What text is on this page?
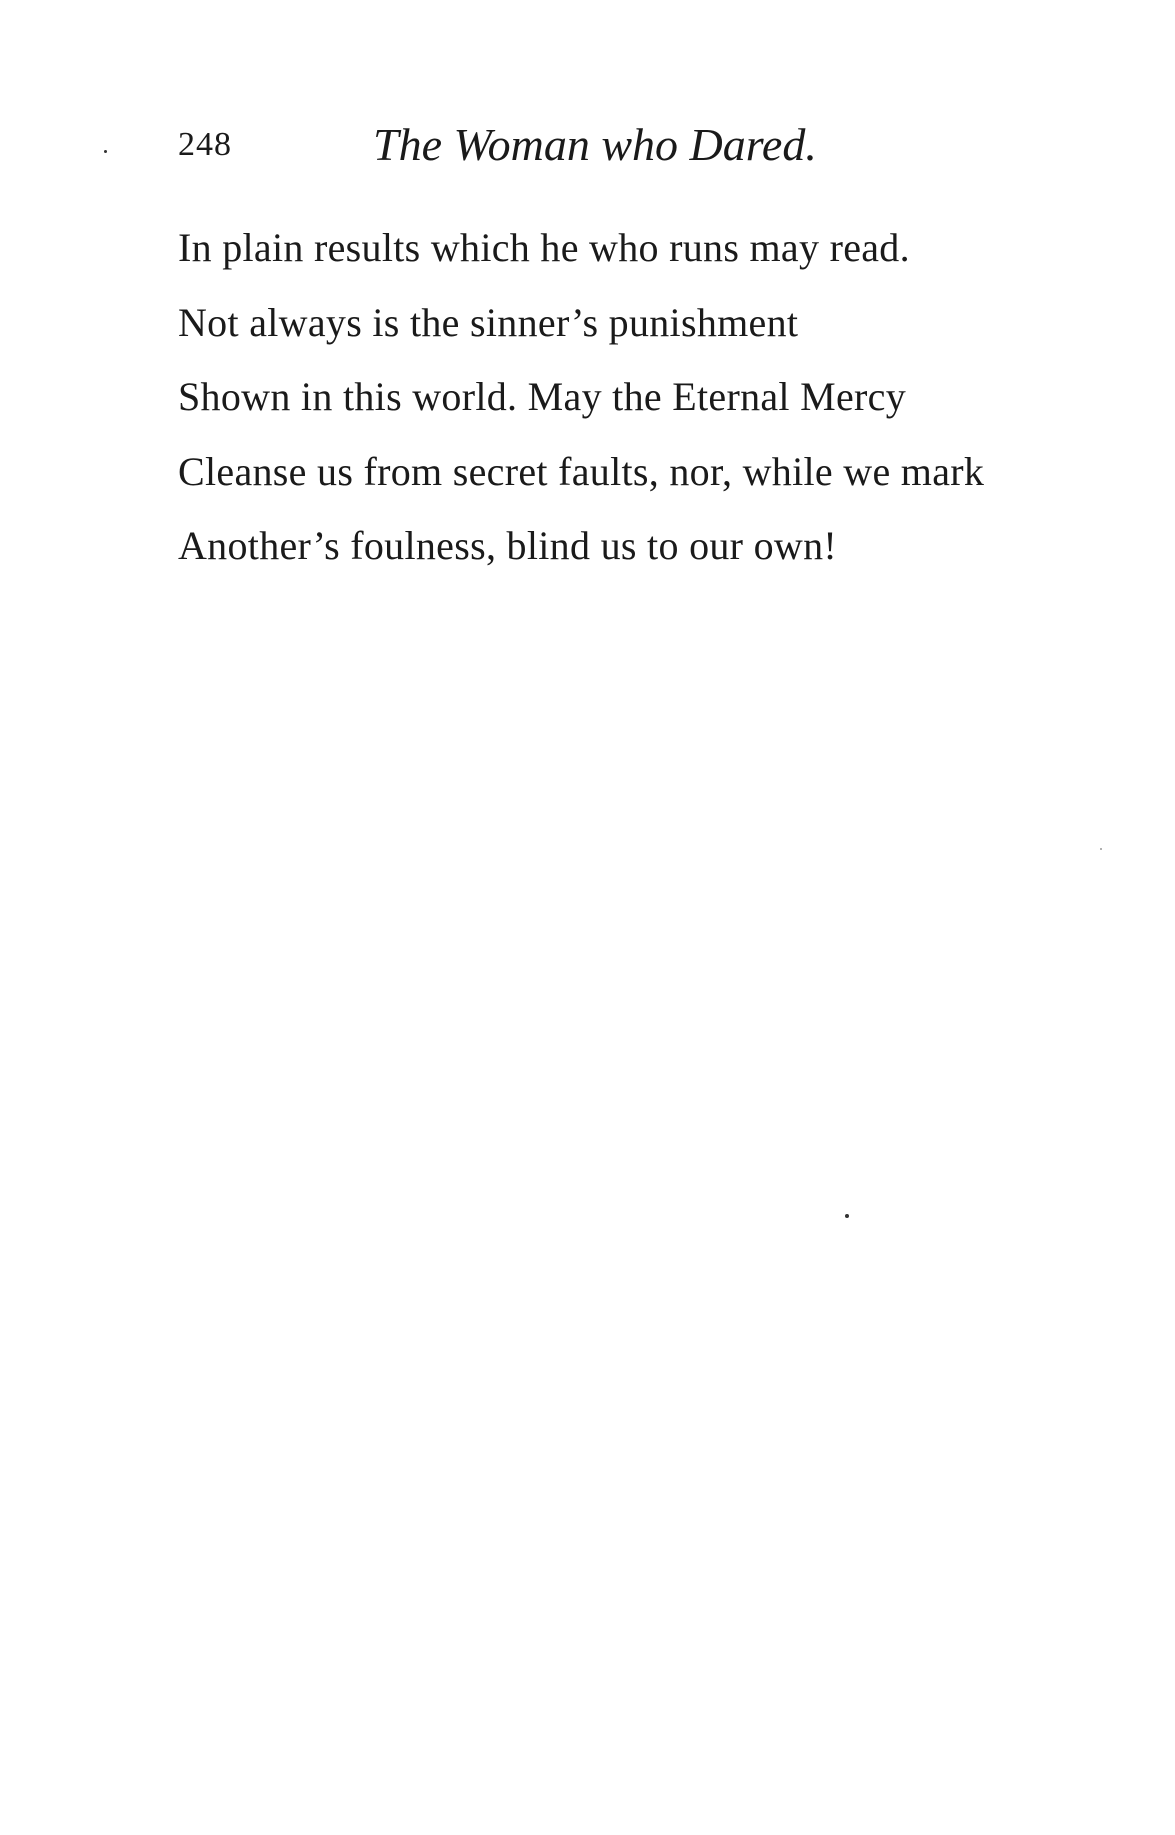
248	The Woman who Dared.
In plain results which he who runs may read.
Not always is the sinner’s punishment
Shown in this world. May the Eternal Mercy
Cleanse us from secret faults, nor, while we mark
Another’s foulness, blind us to our own!
